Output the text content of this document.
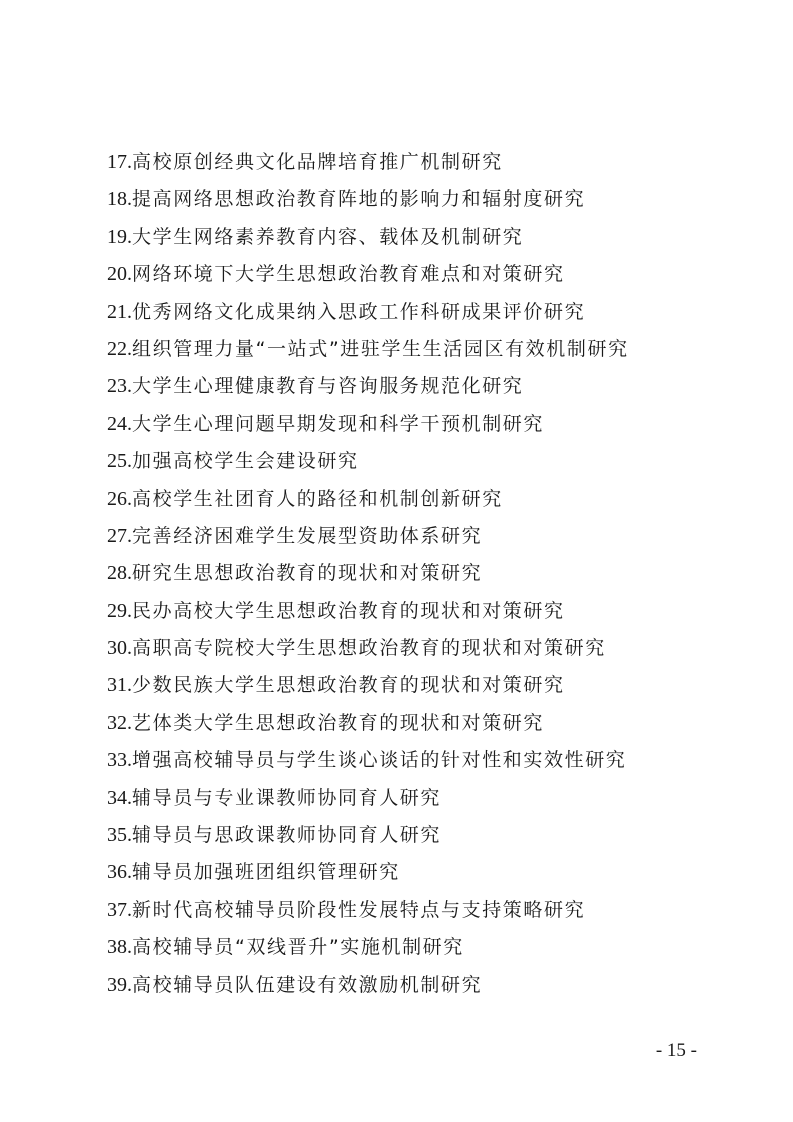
17.高校原创经典文化品牌培育推广机制研究
18.提高网络思想政治教育阵地的影响力和辐射度研究
19.大学生网络素养教育内容、载体及机制研究
20.网络环境下大学生思想政治教育难点和对策研究
21.优秀网络文化成果纳入思政工作科研成果评价研究
22.组织管理力量“一站式”进驻学生生活园区有效机制研究
23.大学生心理健康教育与咨询服务规范化研究
24.大学生心理问题早期发现和科学干预机制研究
25.加强高校学生会建设研究
26.高校学生社团育人的路径和机制创新研究
27.完善经济困难学生发展型资助体系研究
28.研究生思想政治教育的现状和对策研究
29.民办高校大学生思想政治教育的现状和对策研究
30.高职高专院校大学生思想政治教育的现状和对策研究
31.少数民族大学生思想政治教育的现状和对策研究
32.艺体类大学生思想政治教育的现状和对策研究
33.增强高校辅导员与学生谈心谈话的针对性和实效性研究
34.辅导员与专业课教师协同育人研究
35.辅导员与思政课教师协同育人研究
36.辅导员加强班团组织管理研究
37.新时代高校辅导员阶段性发展特点与支持策略研究
38.高校辅导员“双线晋升”实施机制研究
39.高校辅导员队伍建设有效激励机制研究
- 15 -
